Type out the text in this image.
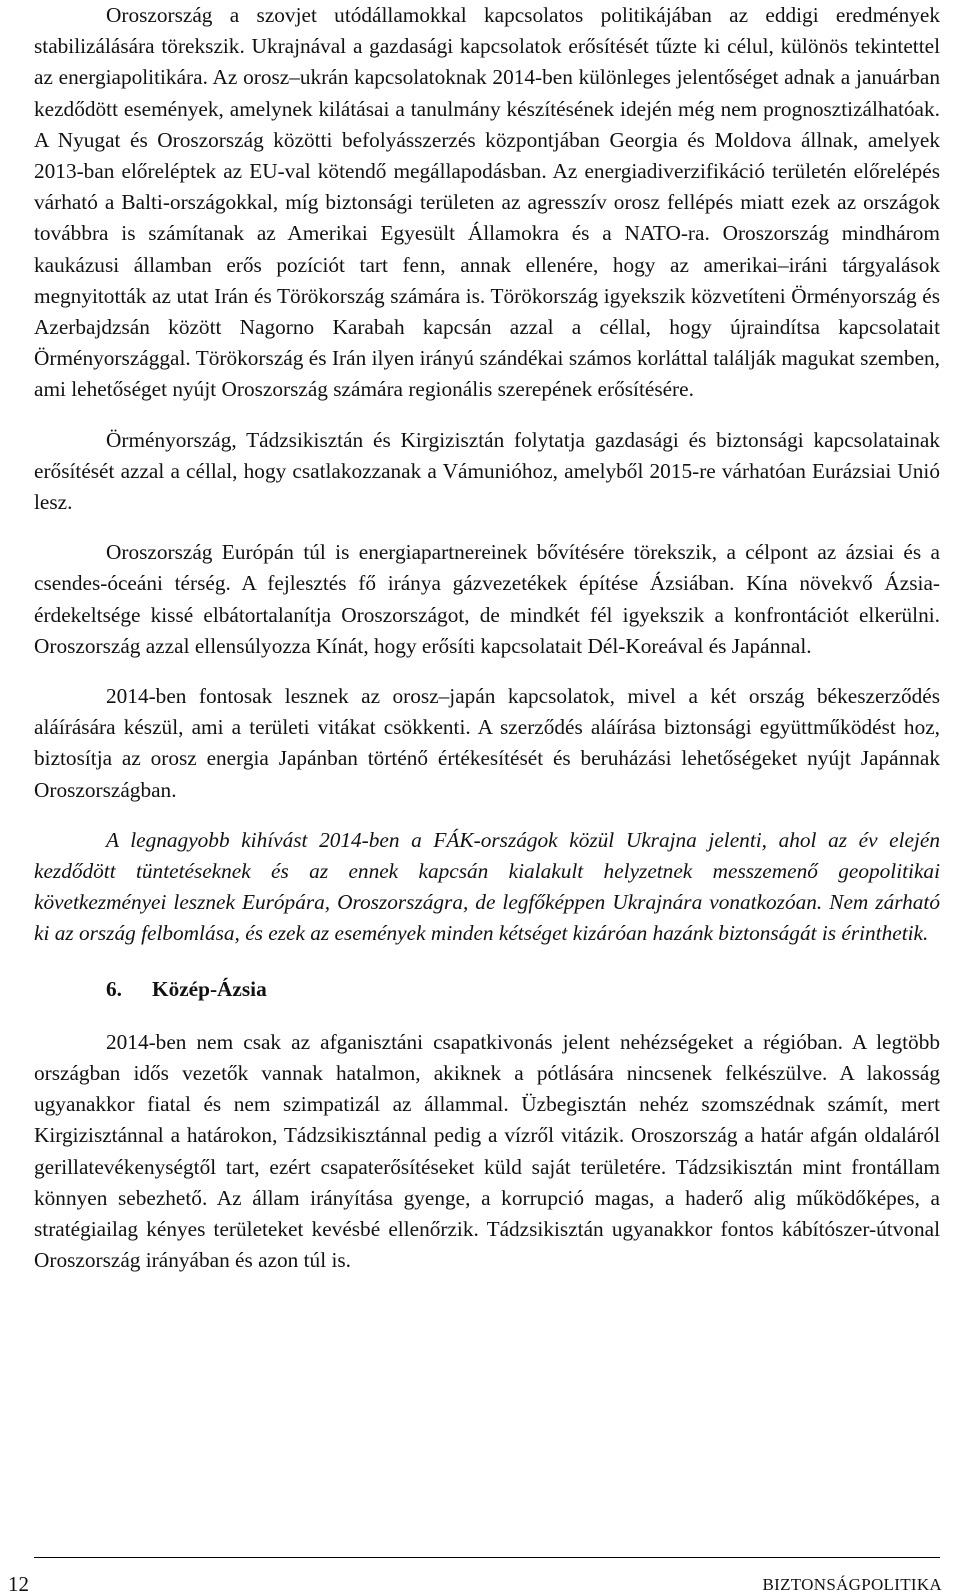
Oroszország a szovjet utódállamokkal kapcsolatos politikájában az eddigi eredmények stabilizálására törekszik. Ukrajnával a gazdasági kapcsolatok erősítését tűzte ki célul, különös tekintettel az energiapolitikára. Az orosz–ukrán kapcsolatoknak 2014-ben különleges jelentőséget adnak a januárban kezdődött események, amelynek kilátásai a tanulmány készítésének idején még nem prognosztizálhatóak. A Nyugat és Oroszország közötti befolyásszerzés központjában Georgia és Moldova állnak, amelyek 2013-ban előreléptek az EU-val kötendő megállapodásban. Az energiadiverzifikáció területén előrelépés várható a Balti-országokkal, míg biztonsági területen az agresszív orosz fellépés miatt ezek az országok továbbra is számítanak az Amerikai Egyesült Államokra és a NATO-ra. Oroszország mindhárom kaukázusi államban erős pozíciót tart fenn, annak ellenére, hogy az amerikai–iráni tárgyalások megnyitották az utat Irán és Törökország számára is. Törökország igyekszik közvetíteni Örményország és Azerbajdzsán között Nagorno Karabah kapcsán azzal a céllal, hogy újraindítsa kapcsolatait Örményországgal. Törökország és Irán ilyen irányú szándékai számos korláttal találják magukat szemben, ami lehetőséget nyújt Oroszország számára regionális szerepének erősítésére.

Örményország, Tádzsikisztán és Kirgizisztán folytatja gazdasági és biztonsági kapcsolatainak erősítését azzal a céllal, hogy csatlakozzanak a Vámunióhoz, amelyből 2015-re várhatóan Eurázsiai Unió lesz.

Oroszország Európán túl is energiapartnereinek bővítésére törekszik, a célpont az ázsiai és a csendes-óceáni térség. A fejlesztés fő iránya gázvezetékek építése Ázsiában. Kína növekvő Ázsia-érdekeltsége kissé elbátortalanítja Oroszországot, de mindkét fél igyekszik a konfrontációt elkerülni. Oroszország azzal ellensúlyozza Kínát, hogy erősíti kapcsolatait Dél-Koreával és Japánnal.

2014-ben fontosak lesznek az orosz–japán kapcsolatok, mivel a két ország békeszerződés aláírására készül, ami a területi vitákat csökkenti. A szerződés aláírása biztonsági együttműködést hoz, biztosítja az orosz energia Japánban történő értékesítését és beruházási lehetőségeket nyújt Japánnak Oroszországban.

A legnagyobb kihívást 2014-ben a FÁK-országok közül Ukrajna jelenti, ahol az év elején kezdődött tüntetéseknek és az ennek kapcsán kialakult helyzetnek messzemenő geopolitikai következményei lesznek Európára, Oroszországra, de legfőképpen Ukrajnára vonatkozóan. Nem zárható ki az ország felbomlása, és ezek az események minden kétséget kizáróan hazánk biztonságát is érinthetik.

6. Közép-Ázsia

2014-ben nem csak az afganisztáni csapatkivonás jelent nehézségeket a régióban. A legtöbb országban idős vezetők vannak hatalmon, akiknek a pótlására nincsenek felkészülve. A lakosság ugyanakkor fiatal és nem szimpatizál az állammal. Üzbegisztán nehéz szomszédnak számít, mert Kirgizisztánnal a határokon, Tádzsikisztánnal pedig a vízről vitázik. Oroszország a határ afgán oldaláról gerillatevékenységtől tart, ezért csapaterősítéseket küld saját területére. Tádzsikisztán mint frontállam könnyen sebezhető. Az állam irányítása gyenge, a korrupció magas, a haderő alig működőképes, a stratégiailag kényes területeket kevésbé ellenőrzik. Tádzsikisztán ugyanakkor fontos kábítószer-útvonal Oroszország irányában és azon túl is.

12	BIZTONSÁGPOLITIKA
